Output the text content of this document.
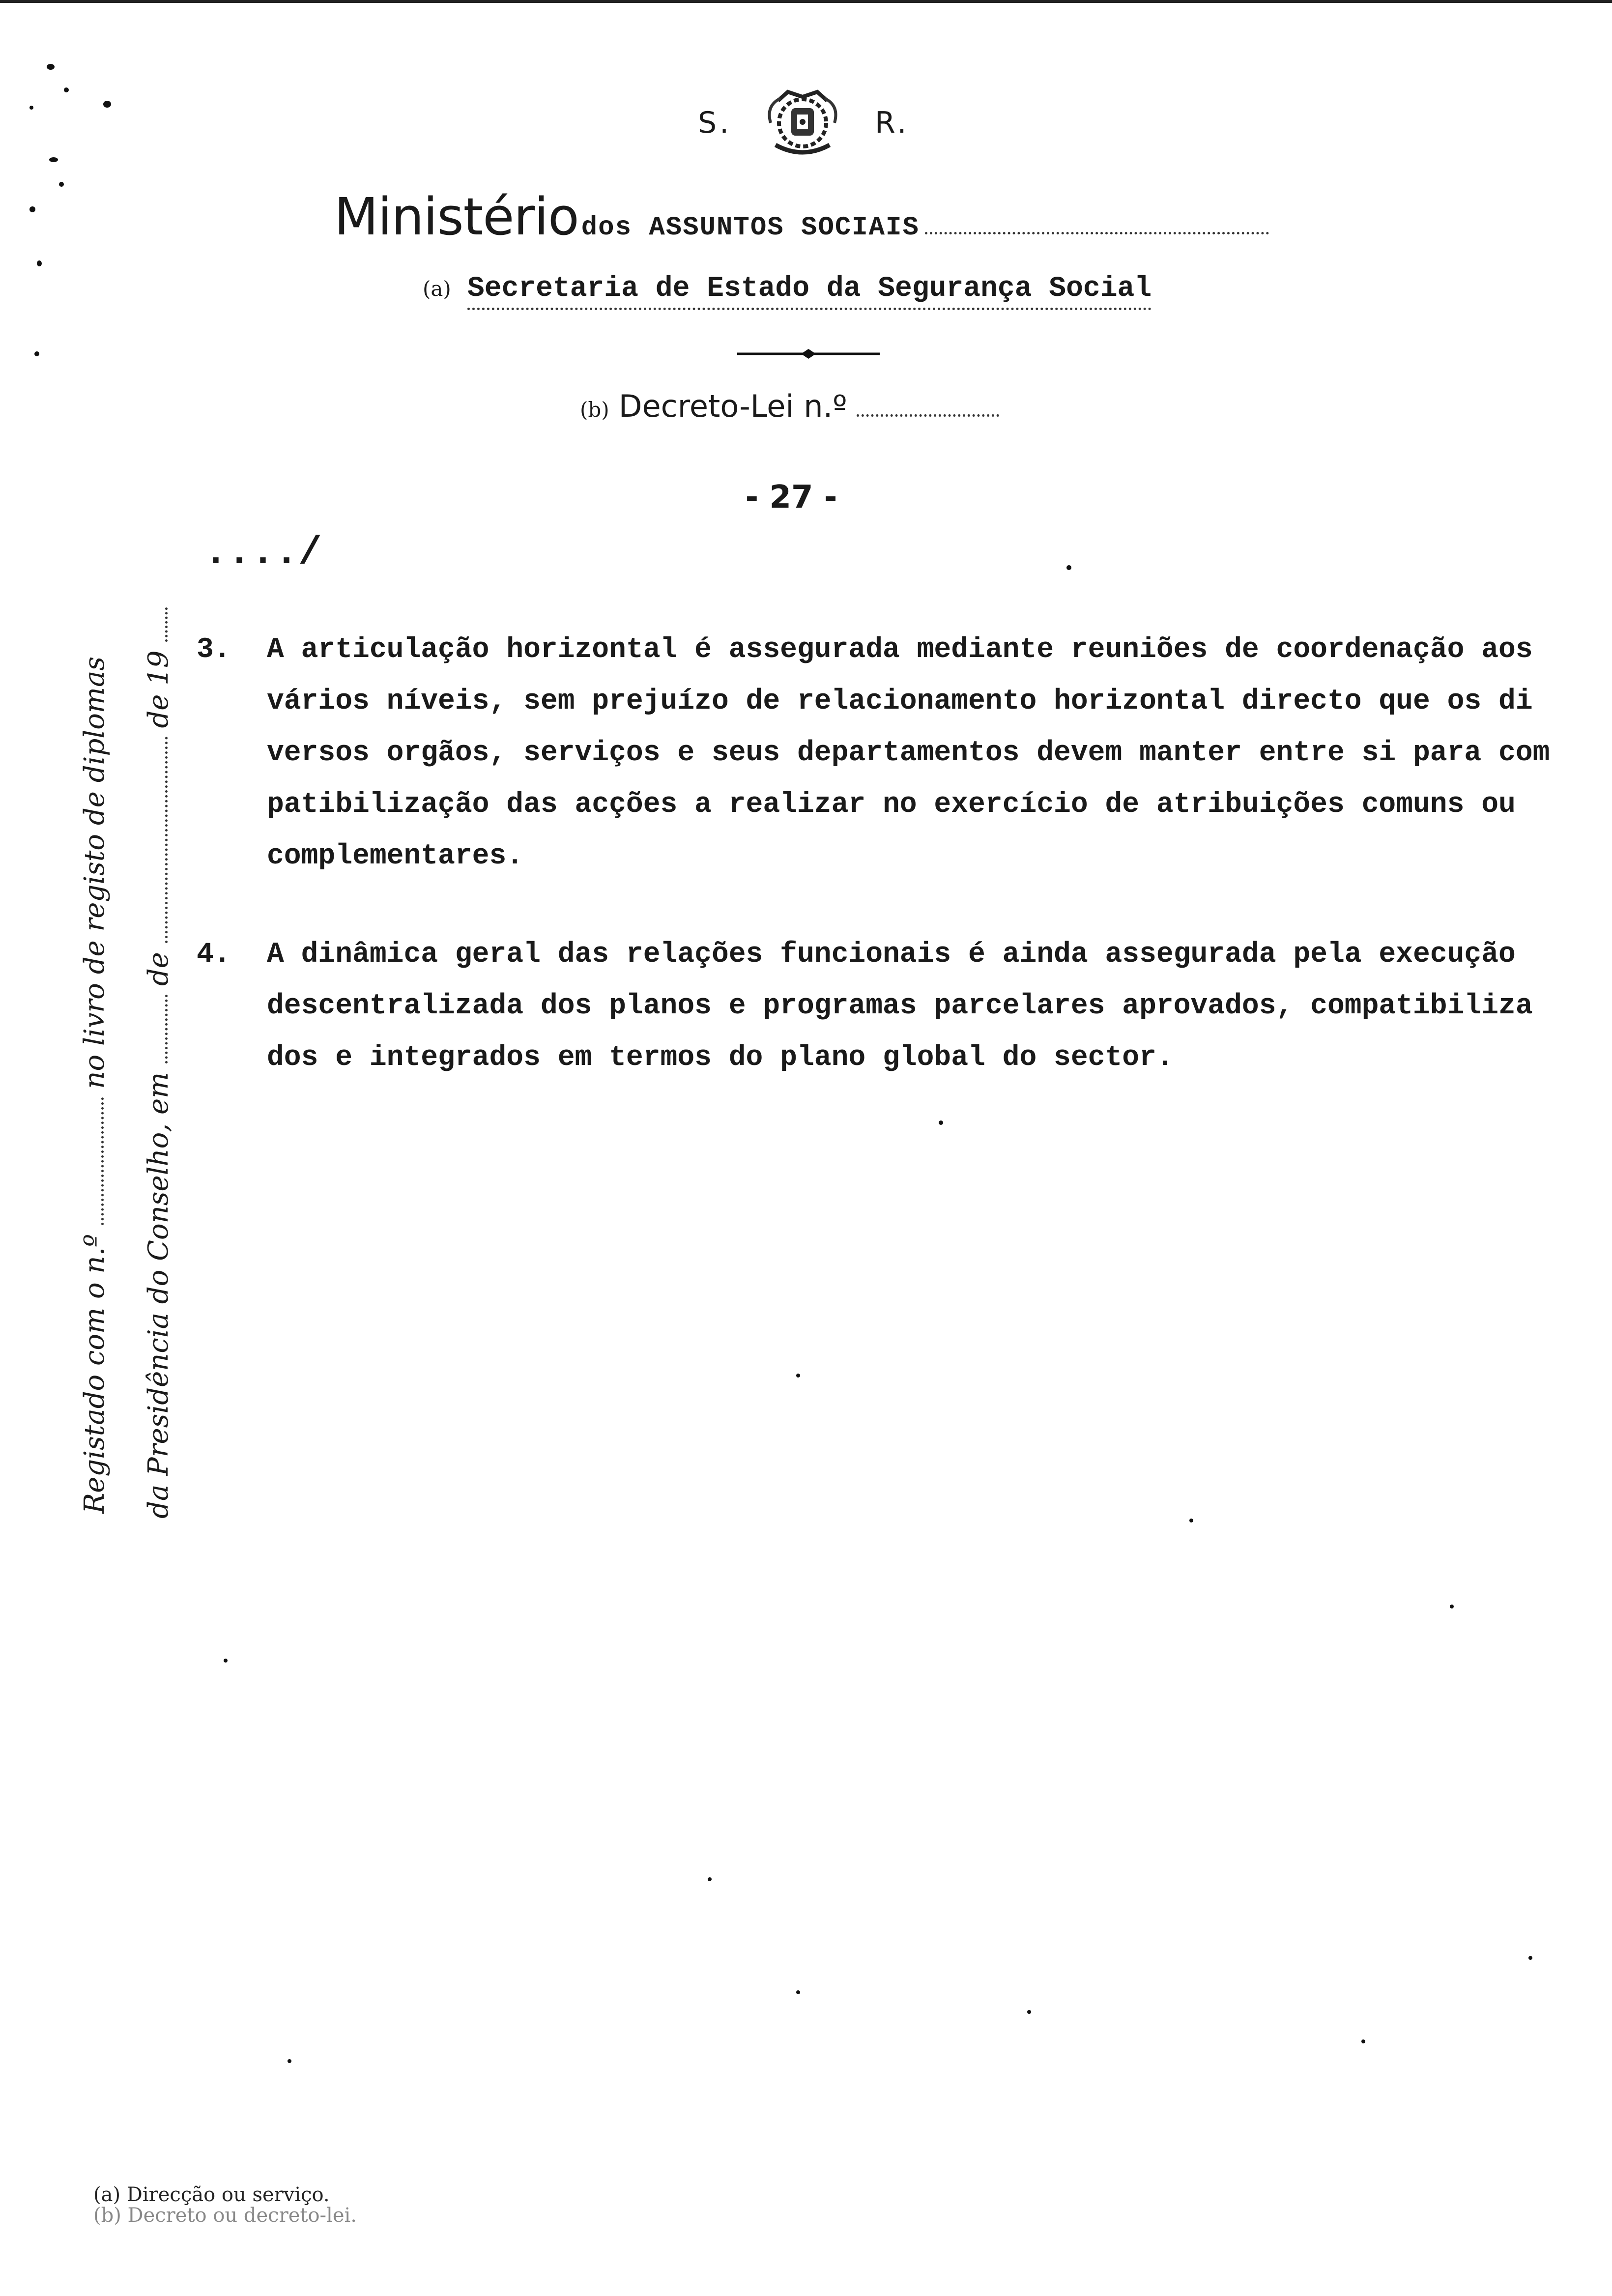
S.	R.
Ministério dos ASSUNTOS SOCIAIS
(a) Secretaria de Estado da Segurança Social
(b) Decreto-Lei n.º
- 27 -
..../
Registado com o n.º  no livro de registo de diplomas
da Presidência do Conselho, em  de  de 19
3. A articulação horizontal é assegurada mediante reuniões de coordenação aos
vários níveis, sem prejuízo de relacionamento horizontal directo que os di
versos orgãos, serviços e seus departamentos devem manter entre si para com
patibilização das acções a realizar no exercício de atribuições comuns ou
complementares.
4. A dinâmica geral das relações funcionais é ainda assegurada pela execução
descentralizada dos planos e programas parcelares aprovados, compatibiliza
dos e integrados em termos do plano global do sector.
(a) Direcção ou serviço.
(b) Decreto ou decreto-lei.
